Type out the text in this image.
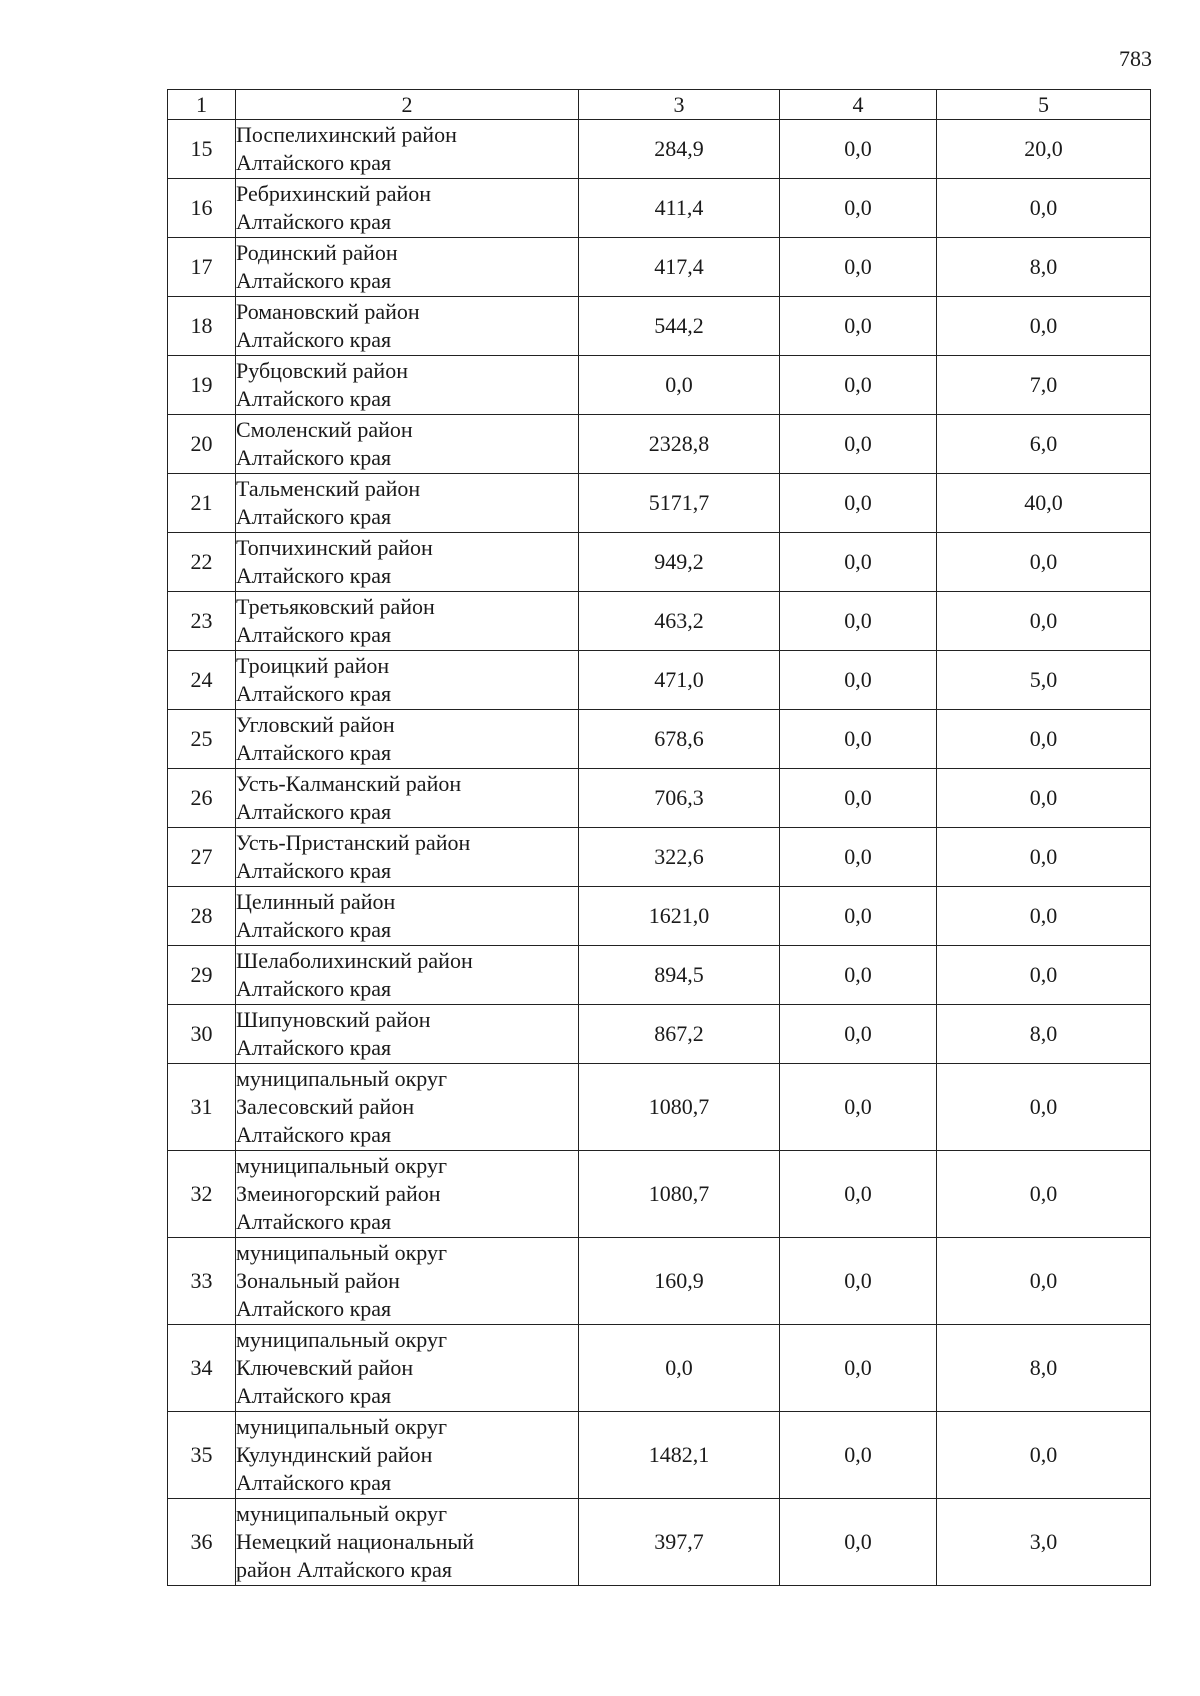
783
1	2	3	4	5
15	Поспелихинский район
Алтайского края	284,9	0,0	20,0
16	Ребрихинский район
Алтайского края	411,4	0,0	0,0
17	Родинский район
Алтайского края	417,4	0,0	8,0
18	Романовский район
Алтайского края	544,2	0,0	0,0
19	Рубцовский район
Алтайского края	0,0	0,0	7,0
20	Смоленский район
Алтайского края	2328,8	0,0	6,0
21	Тальменский район
Алтайского края	5171,7	0,0	40,0
22	Топчихинский район
Алтайского края	949,2	0,0	0,0
23	Третьяковский район
Алтайского края	463,2	0,0	0,0
24	Троицкий район
Алтайского края	471,0	0,0	5,0
25	Угловский район
Алтайского края	678,6	0,0	0,0
26	Усть-Калманский район
Алтайского края	706,3	0,0	0,0
27	Усть-Пристанский район
Алтайского края	322,6	0,0	0,0
28	Целинный район
Алтайского края	1621,0	0,0	0,0
29	Шелаболихинский район
Алтайского края	894,5	0,0	0,0
30	Шипуновский район
Алтайского края	867,2	0,0	8,0
31	муниципальный округ
Залесовский район
Алтайского края	1080,7	0,0	0,0
32	муниципальный округ
Змеиногорский район
Алтайского края	1080,7	0,0	0,0
33	муниципальный округ
Зональный район
Алтайского края	160,9	0,0	0,0
34	муниципальный округ
Ключевский район
Алтайского края	0,0	0,0	8,0
35	муниципальный округ
Кулундинский район
Алтайского края	1482,1	0,0	0,0
36	муниципальный округ
Немецкий национальный
район Алтайского края	397,7	0,0	3,0
